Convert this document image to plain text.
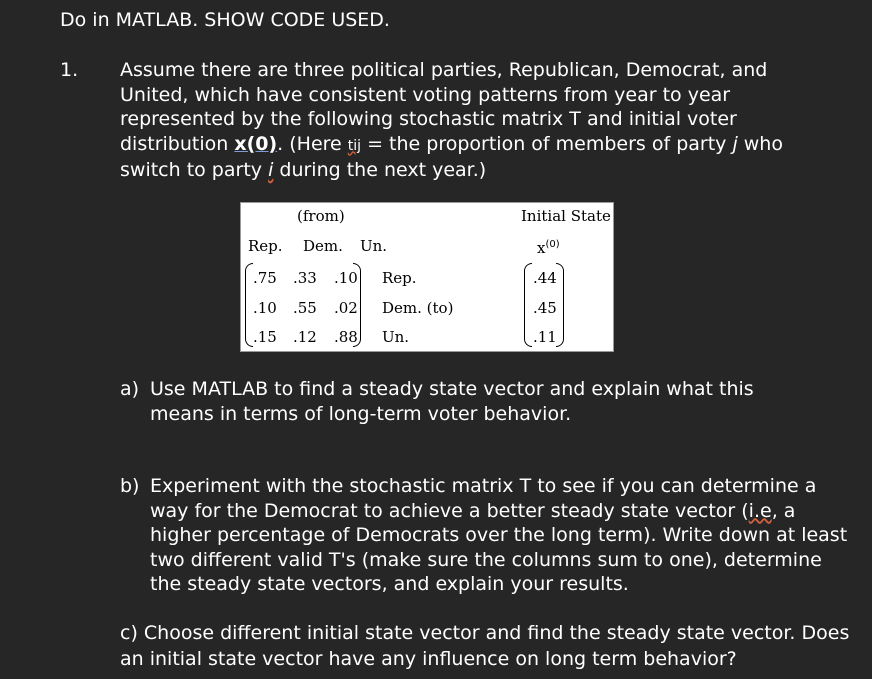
Do in MATLAB. SHOW CODE USED.
1. Assume there are three political parties, Republican, Democrat, and United, which have consistent voting patterns from year to year represented by the following stochastic matrix T and initial voter distribution x(0). (Here tij = the proportion of members of party j who switch to party i during the next year.)
(from)	Initial State
Rep. Dem. Un.	$x^{(0)}$
.75 .33 .10 Rep.
.10 .55 .02 Dem. (to)
.15 .12 .88 Un.
.44
.45
.11
a) Use MATLAB to find a steady state vector and explain what this means in terms of long-term voter behavior.
b) Experiment with the stochastic matrix T to see if you can determine a way for the Democrat to achieve a better steady state vector (i.e, a higher percentage of Democrats over the long term). Write down at least two different valid T's (make sure the columns sum to one), determine the steady state vectors, and explain your results.
c) Choose different initial state vector and find the steady state vector. Does an initial state vector have any influence on long term behavior?
